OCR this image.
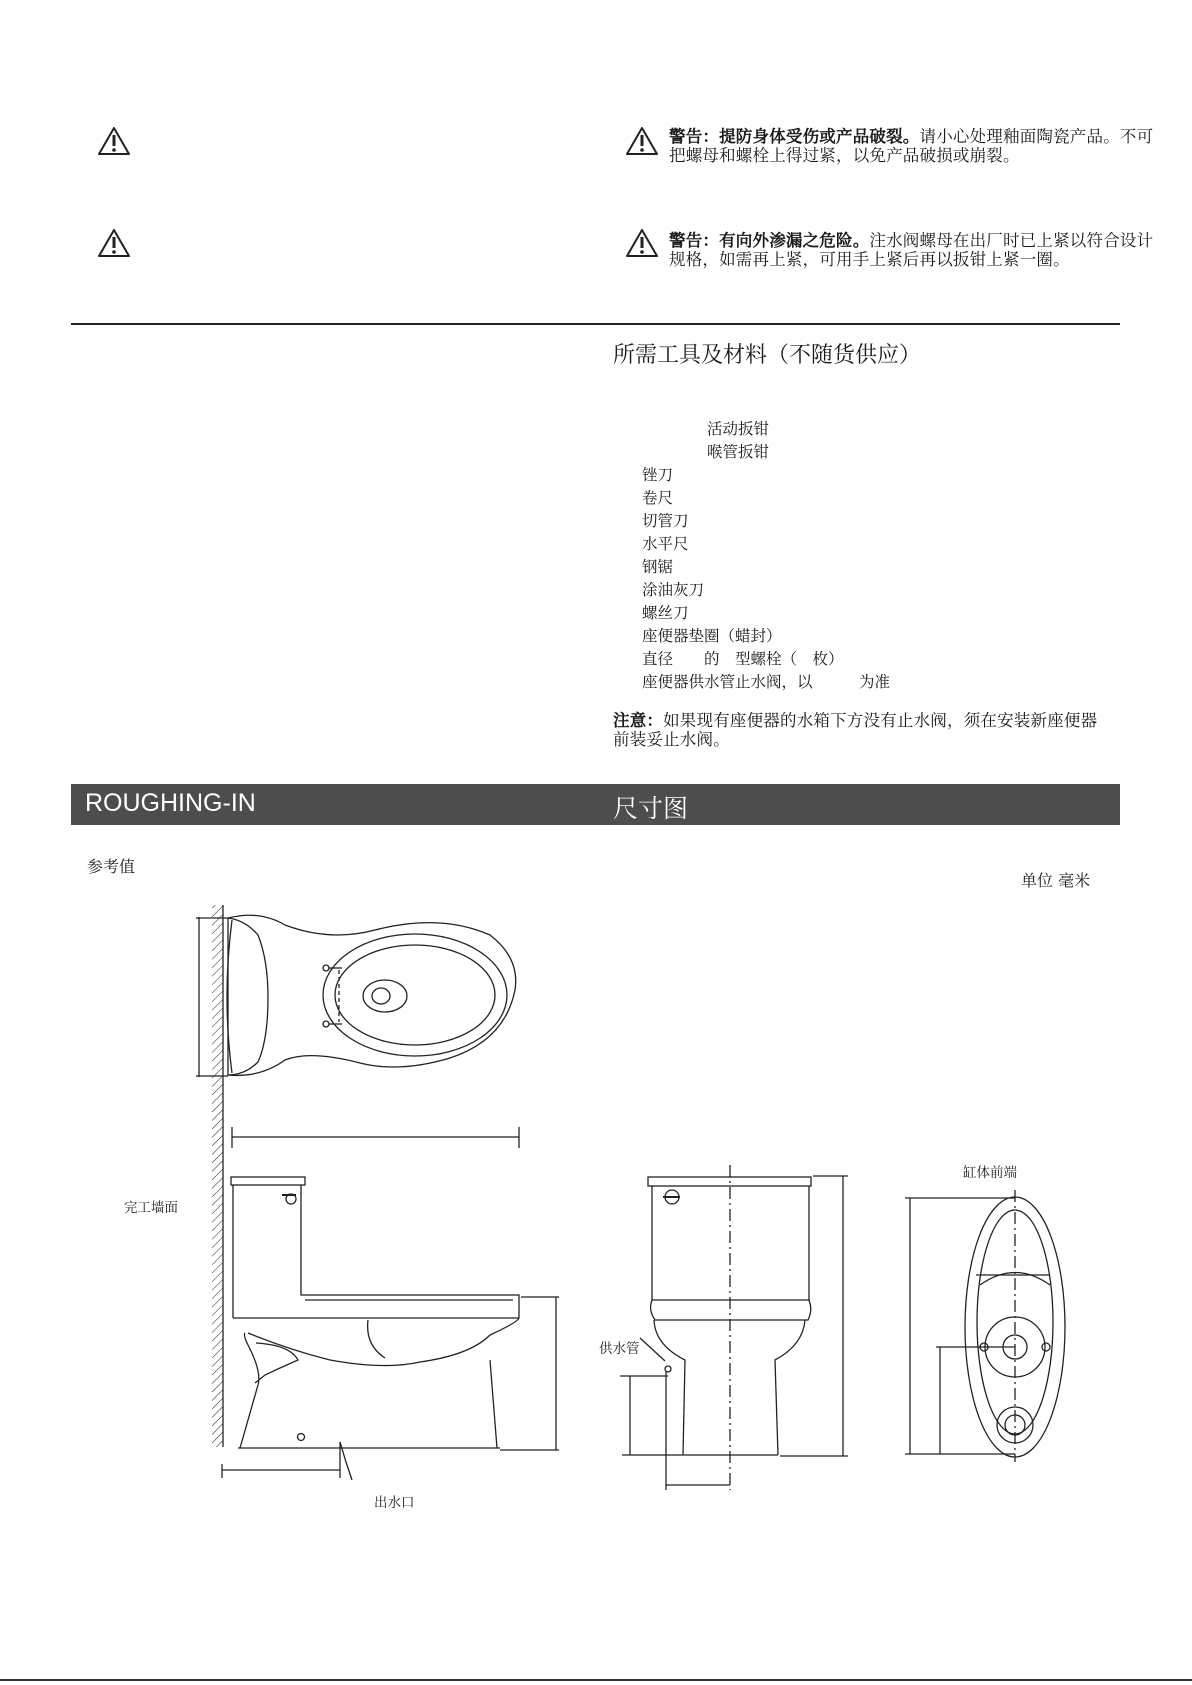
警告：提防身体受伤或产品破裂。请小心处理釉面陶瓷产品。不可把螺母和螺栓上得过紧，以免产品破损或崩裂。
警告：有向外渗漏之危险。注水阀螺母在出厂时已上紧以符合设计规格，如需再上紧，可用手上紧后再以扳钳上紧一圈。
所需工具及材料（不随货供应）
活动扳钳
喉管扳钳
锉刀
卷尺
切管刀
水平尺
钢锯
涂油灰刀
螺丝刀
座便器垫圈（蜡封）
直径　　的　型螺栓（　枚）
座便器供水管止水阀，以　　　为准
注意：如果现有座便器的水箱下方没有止水阀，须在安装新座便器前装妥止水阀。
ROUGHING-IN	尺寸图
参考值
单位 毫米
完工墙面
供水管
出水口
缸体前端
